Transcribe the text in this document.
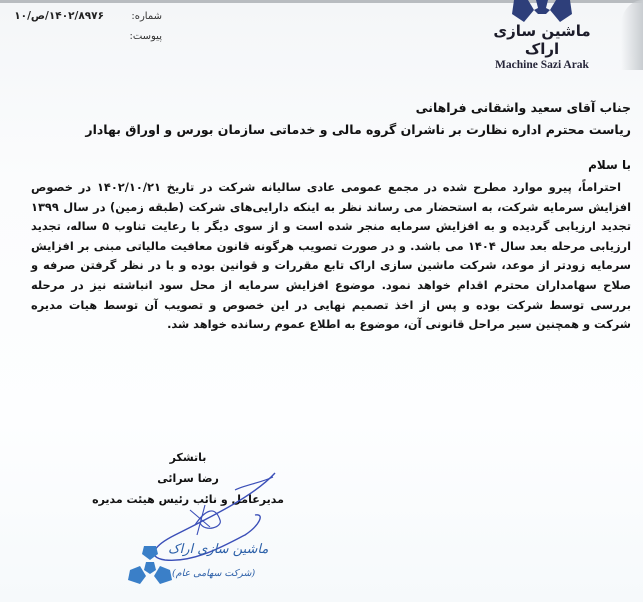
شماره:
۱۴۰۲/۸۹۷۶/ص/۱۰
پیوست:	ماشین سازی اراک
Machine Sazi Arak
جناب آقای سعید واشقانی فراهانی
ریاست محترم اداره نظارت بر ناشران گروه مالی و خدماتی سازمان بورس و اوراق بهادار
با سلام

احتراماً، پیرو موارد مطرح شده در مجمع عمومی عادی سالیانه شرکت در تاریخ ۱۴۰۲/۱۰/۲۱ در خصوص افزایش سرمایه شرکت، به استحضار می رساند نظر به اینکه دارایی‌های شرکت (طبقه زمین) در سال ۱۳۹۹ تجدید ارزیابی گردیده و به افزایش سرمایه منجر شده است و از سوی دیگر با رعایت تناوب ۵ ساله، تجدید ارزیابی مرحله بعد سال ۱۴۰۴ می باشد. و در صورت تصویب هرگونه قانون معافیت مالیاتی مبنی بر افزایش سرمایه زودتر از موعد، شرکت ماشین سازی اراک تابع مقررات و قوانین بوده و با در نظر گرفتن صرفه و صلاح سهامداران محترم اقدام خواهد نمود. موضوع افزایش سرمایه از محل سود انباشته نیز در مرحله بررسی توسط شرکت بوده و پس از اخذ تصمیم نهایی در این خصوص و تصویب آن توسط هیات مدیره شرکت و همچنین سیر مراحل قانونی آن، موضوع به اطلاع عموم رسانده خواهد شد.

باتشکر
رضا سرائی
مدیرعامل و نائب رئیس هیئت مدیره
ماشین سازی اراک
(شرکت سهامی عام)
